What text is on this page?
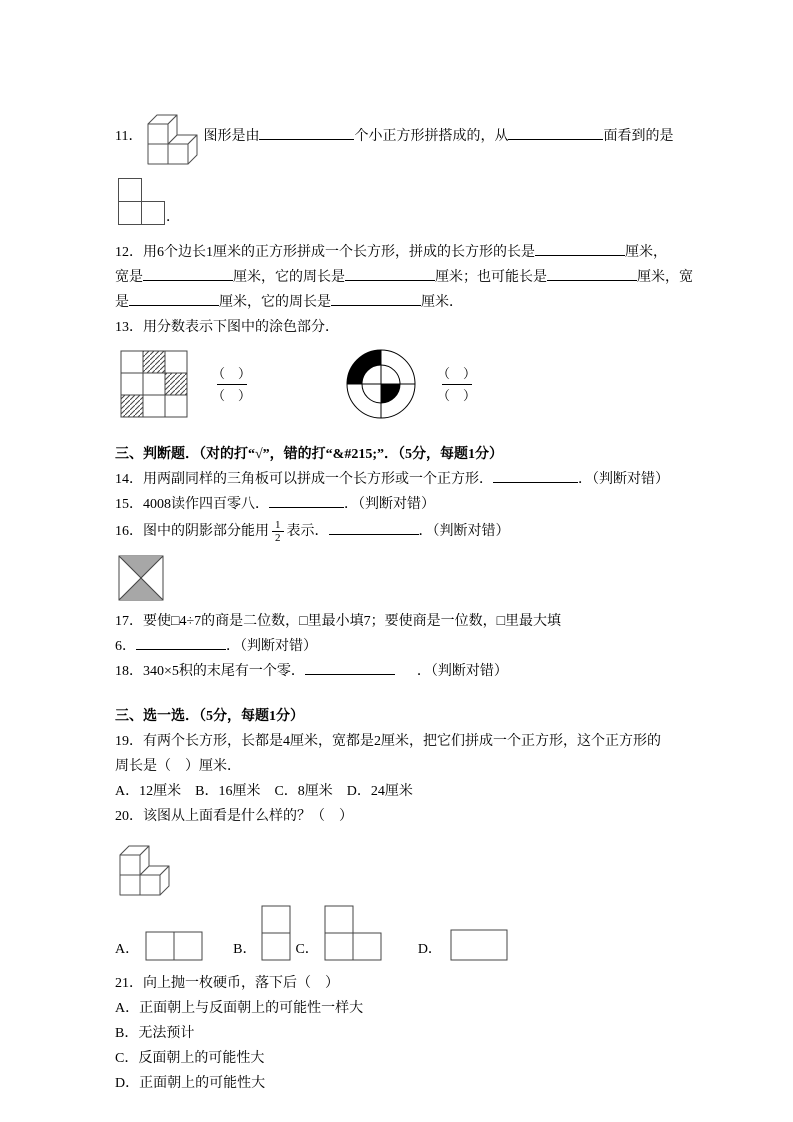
11．	图形是由	个小正方形拼搭成的，从	面看到的是
．
12．用6个边长1厘米的正方形拼成一个长方形，拼成的长方形的长是	厘米，
宽是	厘米，它的周长是	厘米；也可能长是	厘米，宽
是	厘米，它的周长是	厘米．
13．用分数表示下图中的涂色部分．
（　）
（　）
（　）
（　）
三、判断题．（对的打“√”，错的打“&#215;”．（5分，每题1分）
14．用两副同样的三角板可以拼成一个长方形或一个正方形．	．（判断对错）
15．4008读作四百零八．	．（判断对错）
16．图中的阴影部分能用 $\frac{1}{2}$ 表示．	．（判断对错）
17．要使□4÷7的商是二位数，□里最小填7；要使商是一位数，□里最大填
6．	．（判断对错）
18．340×5积的末尾有一个零．	．（判断对错）
三、选一选．（5分，每题1分）
19．有两个长方形，长都是4厘米，宽都是2厘米，把它们拼成一个正方形，这个正方形的
周长是（　）厘米．
A．12厘米　B．16厘米　C．8厘米　D．24厘米
20．该图从上面看是什么样的？（　）
A．	B．	C．	D．
21．向上抛一枚硬币，落下后（　）
A．正面朝上与反面朝上的可能性一样大
B．无法预计
C．反面朝上的可能性大
D．正面朝上的可能性大
